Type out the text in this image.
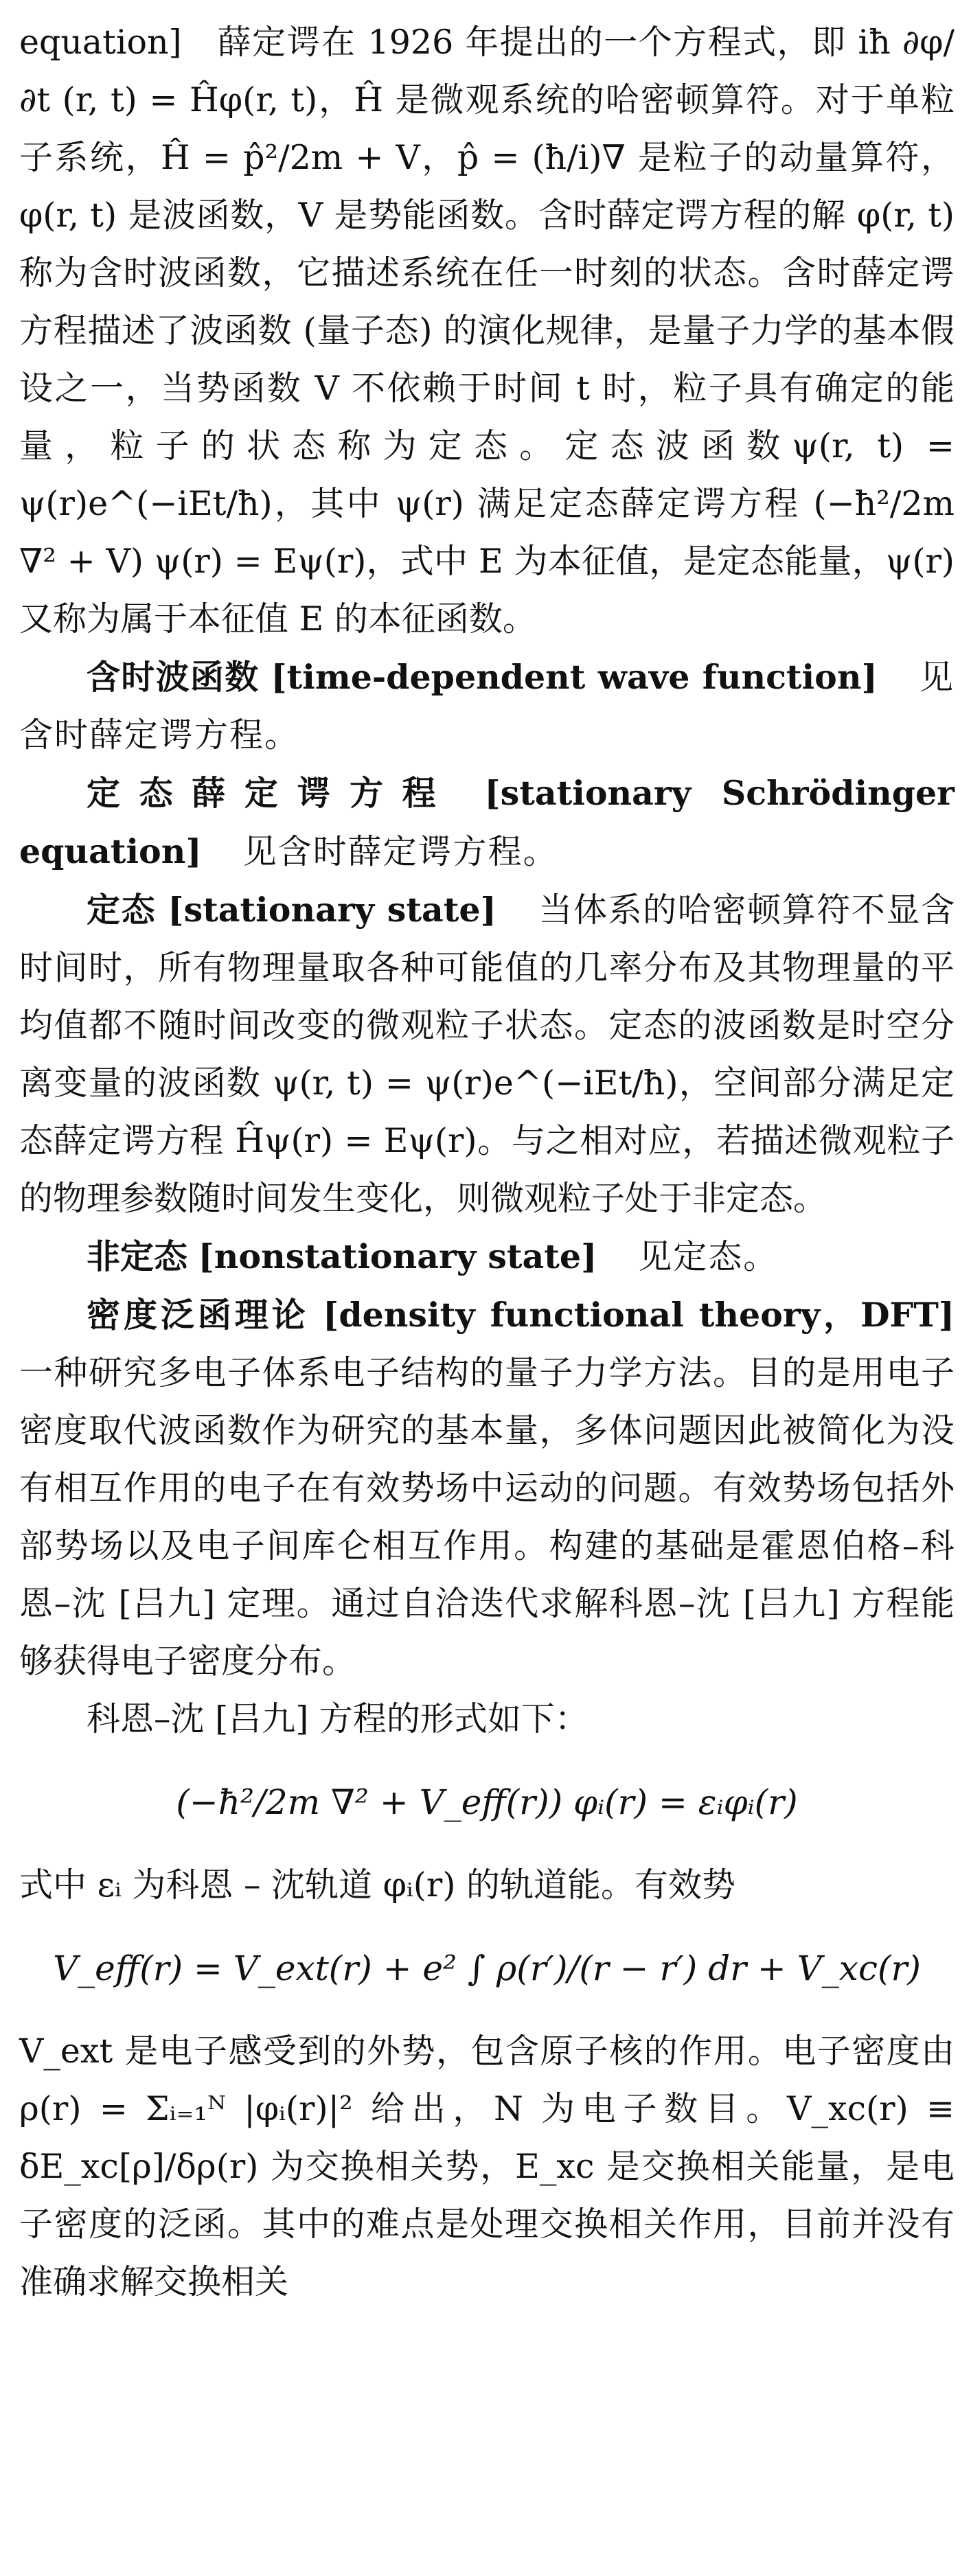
equation]　薛定谔在 1926 年提出的一个方程式，即 iħ ∂φ/∂t (r, t) = Ĥφ(r, t)，Ĥ 是微观系统的哈密顿算符。对于单粒子系统，Ĥ = p̂²/2m + V，p̂ = (ħ/i)∇ 是粒子的动量算符，φ(r, t) 是波函数，V 是势能函数。含时薛定谔方程的解 φ(r, t) 称为含时波函数，它描述系统在任一时刻的状态。含时薛定谔方程描述了波函数 (量子态) 的演化规律，是量子力学的基本假设之一，当势函数 V 不依赖于时间 t 时，粒子具有确定的能量，粒子的状态称为定态。定态波函数ψ(r, t) = ψ(r)e^(−iEt/ħ)，其中 ψ(r) 满足定态薛定谔方程 (−ħ²/2m ∇² + V) ψ(r) = Eψ(r)，式中 E 为本征值，是定态能量，ψ(r) 又称为属于本征值 E 的本征函数。

含时波函数 [time-dependent wave function] 见含时薛定谔方程。

定态薛定谔方程 [stationary Schrödinger equation] 见含时薛定谔方程。

定态 [stationary state] 当体系的哈密顿算符不显含时间时，所有物理量取各种可能值的几率分布及其物理量的平均值都不随时间改变的微观粒子状态。定态的波函数是时空分离变量的波函数 ψ(r, t) = ψ(r)e^(−iEt/ħ)，空间部分满足定态薛定谔方程 Ĥψ(r) = Eψ(r)。与之相对应，若描述微观粒子的物理参数随时间发生变化，则微观粒子处于非定态。

非定态 [nonstationary state] 见定态。

密度泛函理论 [density functional theory，DFT] 一种研究多电子体系电子结构的量子力学方法。目的是用电子密度取代波函数作为研究的基本量，多体问题因此被简化为没有相互作用的电子在有效势场中运动的问题。有效势场包括外部势场以及电子间库仑相互作用。构建的基础是霍恩伯格–科恩–沈 [吕九] 定理。通过自洽迭代求解科恩–沈 [吕九] 方程能够获得电子密度分布。

科恩–沈 [吕九] 方程的形式如下：

(−ħ²/2m ∇² + V_eff(r)) φᵢ(r) = εᵢφᵢ(r)

式中 εᵢ 为科恩 – 沈轨道 φᵢ(r) 的轨道能。有效势

V_eff(r) = V_ext(r) + e² ∫ ρ(r′)/(r − r′) dr + V_xc(r)

V_ext 是电子感受到的外势，包含原子核的作用。电子密度由 ρ(r) = Σᵢ₌₁ᴺ |φᵢ(r)|² 给出，N 为电子数目。V_xc(r) ≡ δE_xc[ρ]/δρ(r) 为交换相关势，E_xc 是交换相关能量，是电子密度的泛函。其中的难点是处理交换相关作用，目前并没有准确求解交换相关
